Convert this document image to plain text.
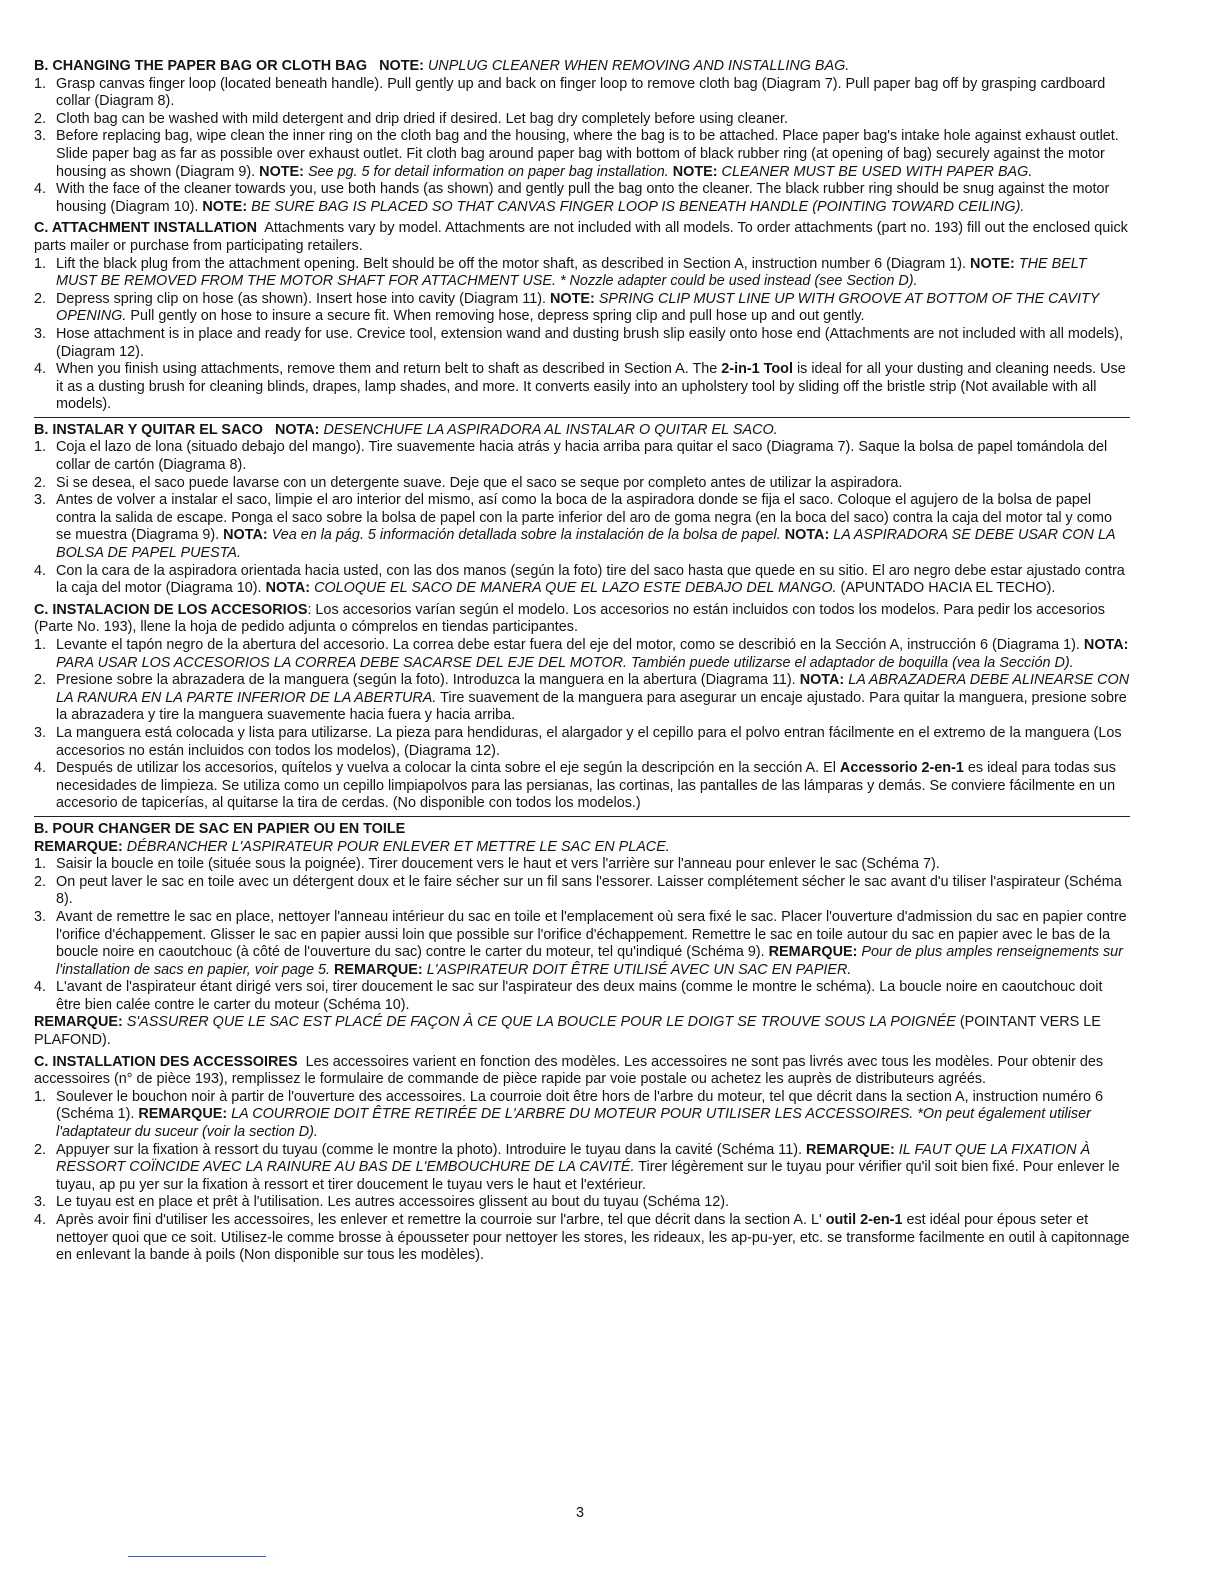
B. CHANGING THE PAPER BAG OR CLOTH BAG NOTE: UNPLUG CLEANER WHEN REMOVING AND INSTALLING BAG.
1. Grasp canvas finger loop (located beneath handle). Pull gently up and back on finger loop to remove cloth bag (Diagram 7). Pull paper bag off by grasping cardboard collar (Diagram 8).
2. Cloth bag can be washed with mild detergent and drip dried if desired. Let bag dry completely before using cleaner.
3. Before replacing bag, wipe clean the inner ring on the cloth bag and the housing, where the bag is to be attached. Place paper bag's intake hole against exhaust outlet. Slide paper bag as far as possible over exhaust outlet. Fit cloth bag around paper bag with bottom of black rubber ring (at opening of bag) securely against the motor housing as shown (Diagram 9). NOTE: See pg. 5 for detail information on paper bag installation. NOTE: CLEANER MUST BE USED WITH PAPER BAG.
4. With the face of the cleaner towards you, use both hands (as shown) and gently pull the bag onto the cleaner. The black rubber ring should be snug against the motor housing (Diagram 10). NOTE: BE SURE BAG IS PLACED SO THAT CANVAS FINGER LOOP IS BENEATH HANDLE (POINTING TOWARD CEILING).
C. ATTACHMENT INSTALLATION Attachments vary by model. Attachments are not included with all models. To order attachments (part no. 193) fill out the enclosed quick parts mailer or purchase from participating retailers.
1. Lift the black plug from the attachment opening. Belt should be off the motor shaft, as described in Section A, instruction number 6 (Diagram 1). NOTE: THE BELT MUST BE REMOVED FROM THE MOTOR SHAFT FOR ATTACHMENT USE. * Nozzle adapter could be used instead (see Section D).
2. Depress spring clip on hose (as shown). Insert hose into cavity (Diagram 11). NOTE: SPRING CLIP MUST LINE UP WITH GROOVE AT BOTTOM OF THE CAVITY OPENING. Pull gently on hose to insure a secure fit. When removing hose, depress spring clip and pull hose up and out gently.
3. Hose attachment is in place and ready for use. Crevice tool, extension wand and dusting brush slip easily onto hose end (Attachments are not included with all models), (Diagram 12).
4. When you finish using attachments, remove them and return belt to shaft as described in Section A. The 2-in-1 Tool is ideal for all your dusting and cleaning needs. Use it as a dusting brush for cleaning blinds, drapes, lamp shades, and more. It converts easily into an upholstery tool by sliding off the bristle strip (Not available with all models).
B. INSTALAR Y QUITAR EL SACO NOTA: DESENCHUFE LA ASPIRADORA AL INSTALAR O QUITAR EL SACO.
1. Coja el lazo de lona (situado debajo del mango). Tire suavemente hacia atrás y hacia arriba para quitar el saco (Diagrama 7). Saque la bolsa de papel tomándola del collar de cartón (Diagrama 8).
2. Si se desea, el saco puede lavarse con un detergente suave. Deje que el saco se seque por completo antes de utilizar la aspiradora.
3. Antes de volver a instalar el saco, limpie el aro interior del mismo, así como la boca de la aspiradora donde se fija el saco. Coloque el agujero de la bolsa de papel contra la salida de escape. Ponga el saco sobre la bolsa de papel con la parte inferior del aro de goma negra (en la boca del saco) contra la caja del motor tal y como se muestra (Diagrama 9). NOTA: Vea en la pág. 5 información detallada sobre la instalación de la bolsa de papel. NOTA: LA ASPIRADORA SE DEBE USAR CON LA BOLSA DE PAPEL PUESTA.
4. Con la cara de la aspiradora orientada hacia usted, con las dos manos (según la foto) tire del saco hasta que quede en su sitio. El aro negro debe estar ajustado contra la caja del motor (Diagrama 10). NOTA: COLOQUE EL SACO DE MANERA QUE EL LAZO ESTE DEBAJO DEL MANGO. (APUNTADO HACIA EL TECHO).
C. INSTALACION DE LOS ACCESORIOS: Los accesorios varían según el modelo. Los accesorios no están incluidos con todos los modelos. Para pedir los accesorios (Parte No. 193), llene la hoja de pedido adjunta o cómprelos en tiendas participantes.
1. Levante el tapón negro de la abertura del accesorio. La correa debe estar fuera del eje del motor, como se describió en la Sección A, instrucción 6 (Diagrama 1). NOTA: PARA USAR LOS ACCESORIOS LA CORREA DEBE SACARSE DEL EJE DEL MOTOR. También puede utilizarse el adaptador de boquilla (vea la Sección D).
2. Presione sobre la abrazadera de la manguera (según la foto). Introduzca la manguera en la abertura (Diagrama 11). NOTA: LA ABRAZADERA DEBE ALINEARSE CON LA RANURA EN LA PARTE INFERIOR DE LA ABERTURA. Tire suavement de la manguera para asegurar un encaje ajustado. Para quitar la manguera, presione sobre la abrazadera y tire la manguera suavemente hacia fuera y hacia arriba.
3. La manguera está colocada y lista para utilizarse. La pieza para hendiduras, el alargador y el cepillo para el polvo entran fácilmente en el extremo de la manguera (Los accesorios no están incluidos con todos los modelos), (Diagrama 12).
4. Después de utilizar los accesorios, quítelos y vuelva a colocar la cinta sobre el eje según la descripción en la sección A. El Accessorio 2-en-1 es ideal para todas sus necesidades de limpieza. Se utiliza como un cepillo limpiapolvos para las persianas, las cortinas, las pantalles de las lámparas y demás. Se conviere fácilmente en un accesorio de tapicerías, al quitarse la tira de cerdas. (No disponible con todos los modelos.)
B. POUR CHANGER DE SAC EN PAPIER OU EN TOILE
REMARQUE: DÉBRANCHER L'ASPIRATEUR POUR ENLEVER ET METTRE LE SAC EN PLACE.
1. Saisir la boucle en toile (située sous la poignée). Tirer doucement vers le haut et vers l'arrière sur l'anneau pour enlever le sac (Schéma 7).
2. On peut laver le sac en toile avec un détergent doux et le faire sécher sur un fil sans l'essorer. Laisser complétement sécher le sac avant d'u tiliser l'aspirateur (Schéma 8).
3. Avant de remettre le sac en place, nettoyer l'anneau intérieur du sac en toile et l'emplacement où sera fixé le sac. Placer l'ouverture d'admission du sac en papier contre l'orifice d'échappement. Glisser le sac en papier aussi loin que possible sur l'orifice d'échappement. Remettre le sac en toile autour du sac en papier avec le bas de la boucle noire en caoutchouc (à côté de l'ouverture du sac) contre le carter du moteur, tel qu'indiqué (Schéma 9). REMARQUE: Pour de plus amples renseignements sur l'installation de sacs en papier, voir page 5. REMARQUE: L'ASPIRATEUR DOIT ÊTRE UTILISÉ AVEC UN SAC EN PAPIER.
4. L'avant de l'aspirateur étant dirigé vers soi, tirer doucement le sac sur l'aspirateur des deux mains (comme le montre le schéma). La boucle noire en caoutchouc doit être bien calée contre le carter du moteur (Schéma 10).
REMARQUE: S'ASSURER QUE LE SAC EST PLACÉ DE FAÇON À CE QUE LA BOUCLE POUR LE DOIGT SE TROUVE SOUS LA POIGNÉE (POINTANT VERS LE PLAFOND).
C. INSTALLATION DES ACCESSOIRES Les accessoires varient en fonction des modèles. Les accessoires ne sont pas livrés avec tous les modèles. Pour obtenir des accessoires (n° de pièce 193), remplissez le formulaire de commande de pièce rapide par voie postale ou achetez les auprès de distributeurs agréés.
1. Soulever le bouchon noir à partir de l'ouverture des accessoires. La courroie doit être hors de l'arbre du moteur, tel que décrit dans la section A, instruction numéro 6 (Schéma 1). REMARQUE: LA COURROIE DOIT ÊTRE RETIRÉE DE L'ARBRE DU MOTEUR POUR UTILISER LES ACCESSOIRES. *On peut également utiliser l'adaptateur du suceur (voir la section D).
2. Appuyer sur la fixation à ressort du tuyau (comme le montre la photo). Introduire le tuyau dans la cavité (Schéma 11). REMARQUE: IL FAUT QUE LA FIXATION À RESSORT COÏNCIDE AVEC LA RAINURE AU BAS DE L'EMBOUCHURE DE LA CAVITÉ. Tirer légèrement sur le tuyau pour vérifier qu'il soit bien fixé. Pour enlever le tuyau, ap pu yer sur la fixation à ressort et tirer doucement le tuyau vers le haut et l'extérieur.
3. Le tuyau est en place et prêt à l'utilisation. Les autres accessoires glissent au bout du tuyau (Schéma 12).
4. Après avoir fini d'utiliser les accessoires, les enlever et remettre la courroie sur l'arbre, tel que décrit dans la section A. L' outil 2-en-1 est idéal pour épous seter et nettoyer quoi que ce soit. Utilisez-le comme brosse à épousseter pour nettoyer les stores, les rideaux, les ap-pu-yer, etc. se transforme facilmente en outil à capitonnage en enlevant la bande à poils (Non disponible sur tous les modèles).
3
